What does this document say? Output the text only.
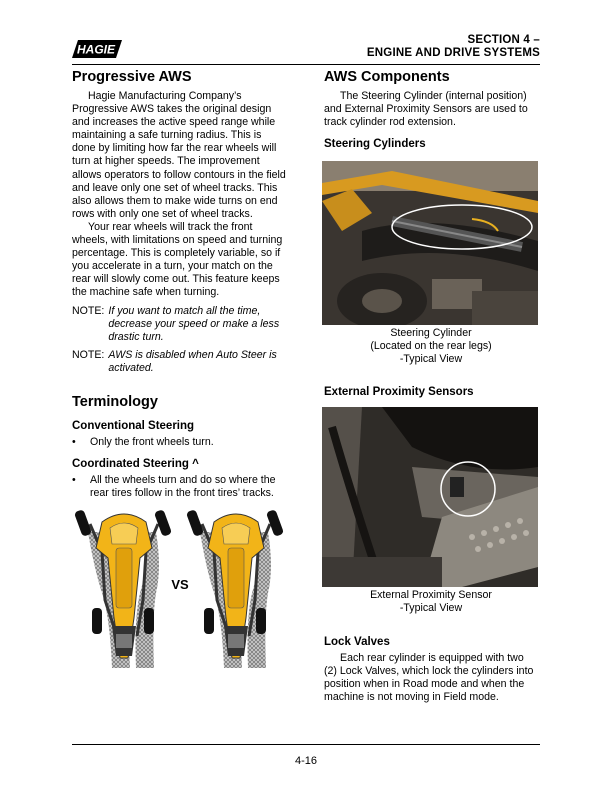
HAGIE
SECTION 4 –
ENGINE AND DRIVE SYSTEMS
Progressive AWS

Hagie Manufacturing Company’s Progressive AWS takes the original design and increases the active speed range while maintaining a safe turning radius. This is done by limiting how far the rear wheels will turn at higher speeds. The improvement allows operators to follow contours in the field and leave only one set of wheel tracks. This also allows them to make wide turns on end rows with only one set of wheel tracks.

Your rear wheels will track the front wheels, with limitations on speed and turning percentage. This is completely variable, so if you accelerate in a turn, your match on the rear will slowly come out. This feature keeps the machine safe when turning.

NOTE: If you want to match all the time, decrease your speed or make a less drastic turn.
NOTE: AWS is disabled when Auto Steer is activated.
Terminology
Conventional Steering
•	Only the front wheels turn.
Coordinated Steering ^
•	All the wheels turn and do so where the rear tires follow in the front tires’ tracks.
VS
AWS Components

The Steering Cylinder (internal position) and External Proximity Sensors are used to track cylinder rod extension.

Steering Cylinders
Steering Cylinder
(Located on the rear legs)
-Typical View
External Proximity Sensors
External Proximity Sensor
-Typical View
Lock Valves

Each rear cylinder is equipped with two (2) Lock Valves, which lock the cylinders into position when in Road mode and when the machine is not moving in Field mode.

4-16
